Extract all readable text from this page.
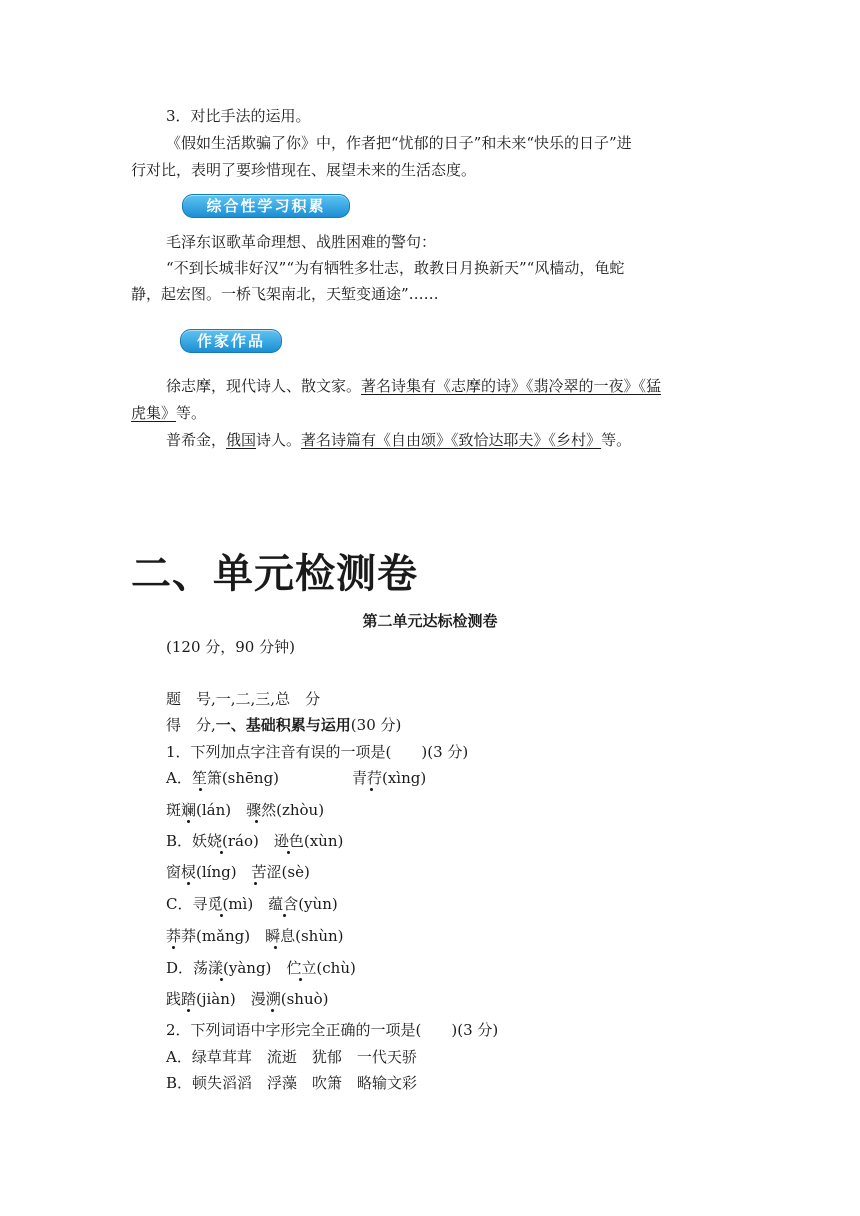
3．对比手法的运用。
《假如生活欺骗了你》中，作者把“忧郁的日子”和未来“快乐的日子”进
行对比，表明了要珍惜现在、展望未来的生活态度。
综合性学习积累
毛泽东讴歌革命理想、战胜困难的警句：
“不到长城非好汉”“为有牺牲多壮志，敢教日月换新天”“风樯动，龟蛇
静，起宏图。一桥飞架南北，天堑变通途”……
作家作品
徐志摩，现代诗人、散文家。著名诗集有《志摩的诗》《翡冷翠的一夜》《猛
虎集》等。
普希金，俄国诗人。著名诗篇有《自由颂》《致恰达耶夫》《乡村》等。
二、单元检测卷
第二单元达标检测卷
(120 分，90 分钟)
题　号,一,二,三,总　分
得　分,一、基础积累与运用(30 分)
1．下列加点字注音有误的一项是(　　)(3 分)
A．笙箫(shēng)	青荇(xìng)
斑斓(lán)　骤然(zhòu)
B．妖娆(ráo)　逊色(xùn)
窗棂(líng)　苦涩(sè)
C．寻觅(mì)　蕴含(yùn)
莽莽(mǎng)　瞬息(shùn)
D．荡漾(yàng)　伫立(chù)
践踏(jiàn)　漫溯(shuò)
2．下列词语中字形完全正确的一项是(　　)(3 分)
A．绿草茸茸　流逝　犹郁　一代天骄
B．顿失滔滔　浮藻　吹箫　略输文彩
